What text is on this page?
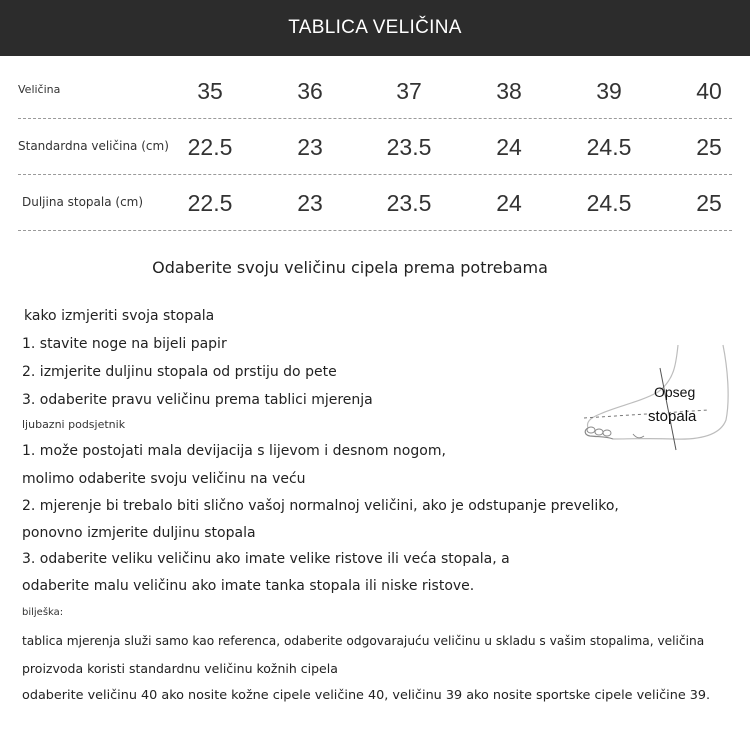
TABLICA VELIČINA
Veličina	35	36	37	38	39	40
Standardna veličina (cm) 22.5	23	23.5	24	24.5	25
Duljina stopala (cm)	22.5	23	23.5	24	24.5	25
Odaberite svoju veličinu cipela prema potrebama
kako izmjeriti svoja stopala
1. stavite noge na bijeli papir
2. izmjerite duljinu stopala od prstiju do pete
3. odaberite pravu veličinu prema tablici mjerenja
ljubazni podsjetnik
1. može postojati mala devijacija s lijevom i desnom nogom,
molimo odaberite svoju veličinu na veću
2. mjerenje bi trebalo biti slično vašoj normalnoj veličini, ako je odstupanje preveliko,
ponovno izmjerite duljinu stopala
3. odaberite veliku veličinu ako imate velike ristove ili veća stopala, a
odaberite malu veličinu ako imate tanka stopala ili niske ristove.
bilješka:
tablica mjerenja služi samo kao referenca, odaberite odgovarajuću veličinu u skladu s vašim stopalima, veličina
proizvoda koristi standardnu veličinu kožnih cipela
odaberite veličinu 40 ako nosite kožne cipele veličine 40, veličinu 39 ako nosite sportske cipele veličine 39.
Opseg
stopala
